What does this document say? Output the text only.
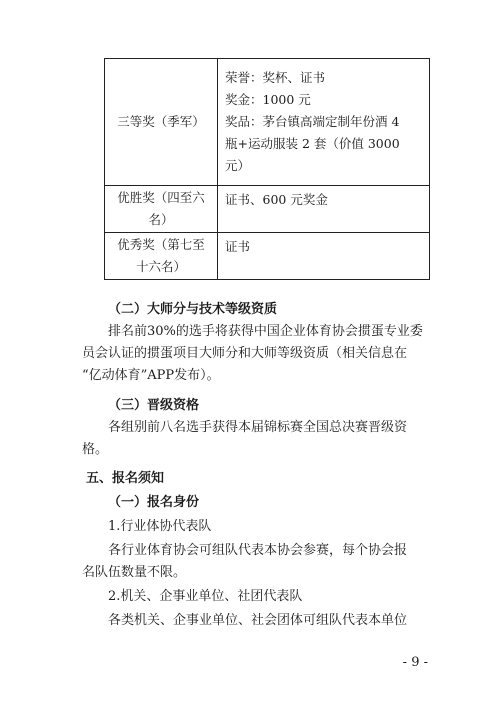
三等奖（季军）	荣誉：奖杯、证书
奖金：1000 元
奖品：茅台镇高端定制年份酒 4
瓶+运动服装 2 套（价值 3000
元）

优胜奖（四至六
名）	证书、600 元奖金

优秀奖（第七至
十六名）	证书
（二）大师分与技术等级资质
排名前30%的选手将获得中国企业体育协会掼蛋专业委
员会认证的掼蛋项目大师分和大师等级资质（相关信息在
“亿动体育”APP发布）。
（三）晋级资格
各组别前八名选手获得本届锦标赛全国总决赛晋级资
格。
五、报名须知
（一）报名身份
1.行业体协代表队
各行业体育协会可组队代表本协会参赛，每个协会报
名队伍数量不限。
2.机关、企事业单位、社团代表队
各类机关、企事业单位、社会团体可组队代表本单位
- 9 -
